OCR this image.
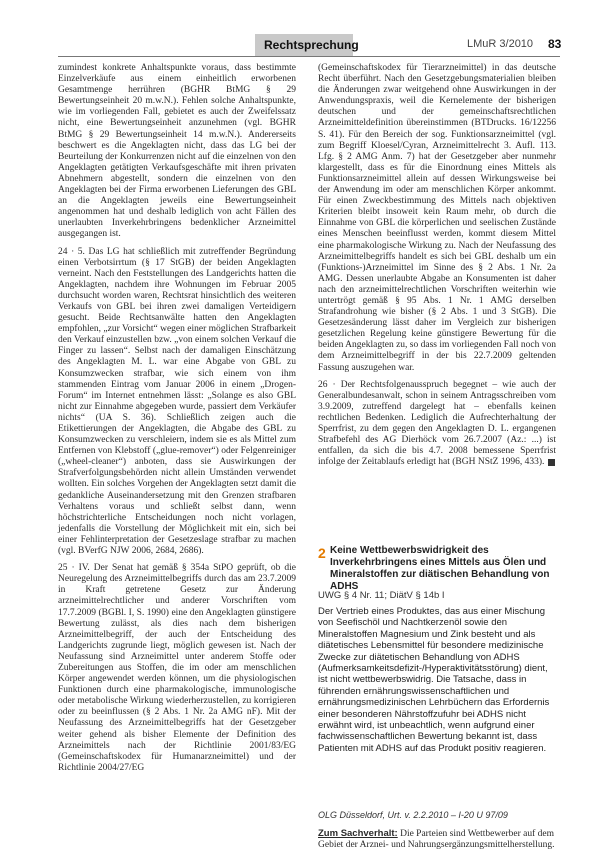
Rechtsprechung	LMuR 3/2010 83

zumindest konkrete Anhaltspunkte voraus, dass bestimmte Einzelverkäufe aus einem einheitlich erworbenen Gesamtmenge herrühren (BGHR BtMG § 29 Bewertungseinheit 20 m.w.N.). Fehlen solche Anhaltspunkte, wie im vorliegenden Fall, gebietet es auch der Zweifelssatz nicht, eine Bewertungseinheit anzunehmen (vgl. BGHR BtMG § 29 Bewertungseinheit 14 m.w.N.). Andererseits beschwert es die Angeklagten nicht, dass das LG bei der Beurteilung der Konkurrenzen nicht auf die einzelnen von den Angeklagten getätigten Verkaufsgeschäfte mit ihren privaten Abnehmern abgestellt, sondern die einzelnen von den Angeklagten bei der Firma erworbenen Lieferungen des GBL an die Angeklagten jeweils eine Bewertungseinheit angenommen hat und deshalb lediglich von acht Fällen des unerlaubten Inverkehrbringens bedenklicher Arzneimittel ausgegangen ist.

24 · 5. Das LG hat schließlich mit zutreffender Begründung einen Verbotsirrtum (§ 17 StGB) der beiden Angeklagten verneint. Nach den Feststellungen des Landgerichts hatten die Angeklagten, nachdem ihre Wohnungen im Februar 2005 durchsucht worden waren, Rechtsrat hinsichtlich des weiteren Verkaufs von GBL bei ihren zwei damaligen Verteidigern gesucht. Beide Rechtsanwälte hatten den Angeklagten empfohlen, „zur Vorsicht“ wegen einer möglichen Strafbarkeit den Verkauf einzustellen bzw. „von einem solchen Verkauf die Finger zu lassen“. Selbst nach der damaligen Einschätzung des Angeklagten M. L. war eine Abgabe von GBL zu Konsumzwecken strafbar, wie sich einem von ihm stammenden Eintrag vom Januar 2006 in einem „Drogen-Forum“ im Internet entnehmen lässt: „Solange es also GBL nicht zur Einnahme abgegeben wurde, passiert dem Verkäufer nichts“ (UA S. 36). Schließlich zeigen auch die Etikettierungen der Angeklagten, die Abgabe des GBL zu Konsumzwecken zu verschleiern, indem sie es als Mittel zum Entfernen von Klebstoff („glue-remover“) oder Felgenreiniger („wheel-cleaner“) anboten, dass sie Auswirkungen der Strafverfolgungsbehörden nicht allein Umständen verwendet wollten. Ein solches Vorgehen der Angeklagten setzt damit die gedankliche Auseinandersetzung mit den Grenzen strafbaren Verhaltens voraus und schließt selbst dann, wenn höchstrichterliche Entscheidungen noch nicht vorlagen, jedenfalls die Vorstellung der Möglichkeit mit ein, sich bei einer Fehlinterpretation der Gesetzeslage strafbar zu machen (vgl. BVerfG NJW 2006, 2684, 2686).

25 · IV. Der Senat hat gemäß § 354a StPO geprüft, ob die Neuregelung des Arzneimittelbegriffs durch das am 23.7.2009 in Kraft getretene Gesetz zur Änderung arzneimittelrechtlicher und anderer Vorschriften vom 17.7.2009 (BGBl. I, S. 1990) eine den Angeklagten günstigere Bewertung zulässt, als dies nach dem bisherigen Arzneimittelbegriff, der auch der Entscheidung des Landgerichts zugrunde liegt, möglich gewesen ist. Nach der Neufassung sind Arzneimittel unter anderem Stoffe oder Zubereitungen aus Stoffen, die im oder am menschlichen Körper angewendet werden können, um die physiologischen Funktionen durch eine pharmakologische, immunologische oder metabolische Wirkung wiederherzustellen, zu korrigieren oder zu beeinflussen (§ 2 Abs. 1 Nr. 2a AMG nF). Mit der Neufassung des Arzneimittelbegriffs hat der Gesetzgeber weiter gehend als bisher Elemente der Definition des Arzneimittels nach der Richtlinie 2001/83/EG (Gemeinschaftskodex für Humanarzneimittel) und der Richtlinie 2004/27/EG

(Gemeinschaftskodex für Tierarzneimittel) in das deutsche Recht überführt. Nach den Gesetzgebungsmaterialien bleiben die Änderungen zwar weitgehend ohne Auswirkungen in der Anwendungspraxis, weil die Kernelemente der bisherigen deutschen und der gemeinschaftsrechtlichen Arzneimitteldefinition übereinstimmen (BTDrucks. 16/12256 S. 41). Für den Bereich der sog. Funktionsarzneimittel (vgl. zum Begriff Kloesel/Cyran, Arzneimittelrecht 3. Aufl. 113. Lfg. § 2 AMG Anm. 7) hat der Gesetzgeber aber nunmehr klargestellt, dass es für die Einordnung eines Mittels als Funktionsarzneimittel allein auf dessen Wirkungsweise bei der Anwendung im oder am menschlichen Körper ankommt. Für einen Zweckbestimmung des Mittels nach objektiven Kriterien bleibt insoweit kein Raum mehr, ob durch die Einnahme von GBL die körperlichen und seelischen Zustände eines Menschen beeinflusst werden, kommt diesem Mittel eine pharmakologische Wirkung zu. Nach der Neufassung des Arzneimittelbegriffs handelt es sich bei GBL deshalb um ein (Funktions-)Arzneimittel im Sinne des § 2 Abs. 1 Nr. 2a AMG. Dessen unerlaubte Abgabe an Konsumenten ist daher nach den arzneimittelrechtlichen Vorschriften weiterhin wie untertrögt gemäß § 95 Abs. 1 Nr. 1 AMG derselben Strafandrohung wie bisher (§ 2 Abs. 1 und 3 StGB). Die Gesetzesänderung lässt daher im Vergleich zur bisherigen gesetzlichen Regelung keine günstigere Bewertung für die beiden Angeklagten zu, so dass im vorliegenden Fall noch von dem Arzneimittelbegriff in der bis 22.7.2009 geltenden Fassung auszugehen war.

26 · Der Rechtsfolgenausspruch begegnet – wie auch der Generalbundesanwalt, schon in seinem Antragsschreiben vom 3.9.2009, zutreffend dargelegt hat – ebenfalls keinen rechtlichen Bedenken. Lediglich die Aufrechterhaltung der Sperrfrist, zu dem gegen den Angeklagten D. L. ergangenen Strafbefehl des AG Dierhöck vom 26.7.2007 (Az.: ...) ist entfallen, da sich die bis 4.7. 2008 bemessene Sperrfrist infolge der Zeitablaufs erledigt hat (BGH NStZ 1996, 433).

2 Keine Wettbewerbswidrigkeit des Inverkehrbringens eines Mittels aus Ölen und Mineralstoffen zur diätischen Behandlung von ADHS
UWG § 4 Nr. 11; DiätV § 14b I
Der Vertrieb eines Produktes, das aus einer Mischung von Seefischöl und Nachtkerzenöl sowie den Mineralstoffen Magnesium und Zink besteht und als diätetisches Lebensmittel für besondere medizinische Zwecke zur diätetischen Behandlung von ADHS (Aufmerksamkeitsdefizit-/Hyperaktivitätsstörung) dient, ist nicht wettbewerbswidrig. Die Tatsache, dass in führenden ernährungswissenschaftlichen und ernährungsmedizinischen Lehrbüchern das Erfordernis einer besonderen Nährstoffzufuhr bei ADHS nicht erwähnt wird, ist unbeachtlich, wenn aufgrund einer fachwissenschaftlichen Bewertung bekannt ist, dass Patienten mit ADHS auf das Produkt positiv reagieren.
OLG Düsseldorf, Urt. v. 2.2.2010 – I-20 U 97/09
Zum Sachverhalt: Die Parteien sind Wettbewerber auf dem Gebiet der Arznei- und Nahrungsergänzungsmittelherstellung.
